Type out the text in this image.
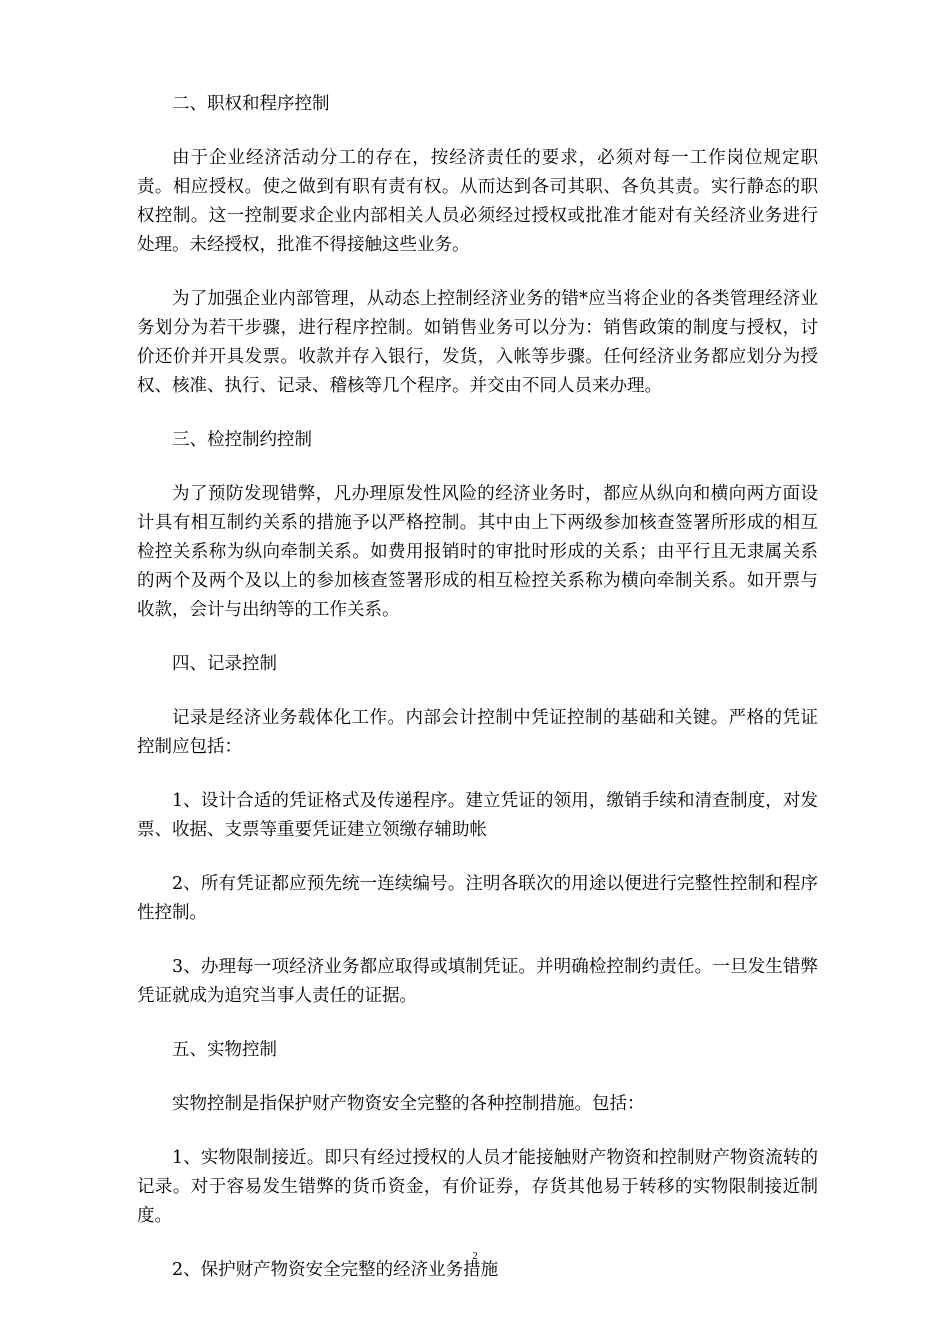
二、职权和程序控制

由于企业经济活动分工的存在，按经济责任的要求，必须对每一工作岗位规定职责。相应授权。使之做到有职有责有权。从而达到各司其职、各负其责。实行静态的职权控制。这一控制要求企业内部相关人员必须经过授权或批准才能对有关经济业务进行处理。未经授权，批准不得接触这些业务。

为了加强企业内部管理，从动态上控制经济业务的错*应当将企业的各类管理经济业务划分为若干步骤，进行程序控制。如销售业务可以分为：销售政策的制度与授权，讨价还价并开具发票。收款并存入银行，发货，入帐等步骤。任何经济业务都应划分为授权、核准、执行、记录、稽核等几个程序。并交由不同人员来办理。

三、检控制约控制

为了预防发现错弊，凡办理原发性风险的经济业务时，都应从纵向和横向两方面设计具有相互制约关系的措施予以严格控制。其中由上下两级参加核查签署所形成的相互检控关系称为纵向牵制关系。如费用报销时的审批时形成的关系；由平行且无隶属关系的两个及两个及以上的参加核查签署形成的相互检控关系称为横向牵制关系。如开票与收款，会计与出纳等的工作关系。

四、记录控制

记录是经济业务载体化工作。内部会计控制中凭证控制的基础和关键。严格的凭证控制应包括：

1、设计合适的凭证格式及传递程序。建立凭证的领用，缴销手续和清查制度，对发票、收据、支票等重要凭证建立领缴存辅助帐

2、所有凭证都应预先统一连续编号。注明各联次的用途以便进行完整性控制和程序性控制。

3、办理每一项经济业务都应取得或填制凭证。并明确检控制约责任。一旦发生错弊凭证就成为追究当事人责任的证据。

五、实物控制

实物控制是指保护财产物资安全完整的各种控制措施。包括：

1、实物限制接近。即只有经过授权的人员才能接触财产物资和控制财产物资流转的记录。对于容易发生错弊的货币资金，有价证券，存货其他易于转移的实物限制接近制度。

2、保护财产物资安全完整的经济业务措施

2
